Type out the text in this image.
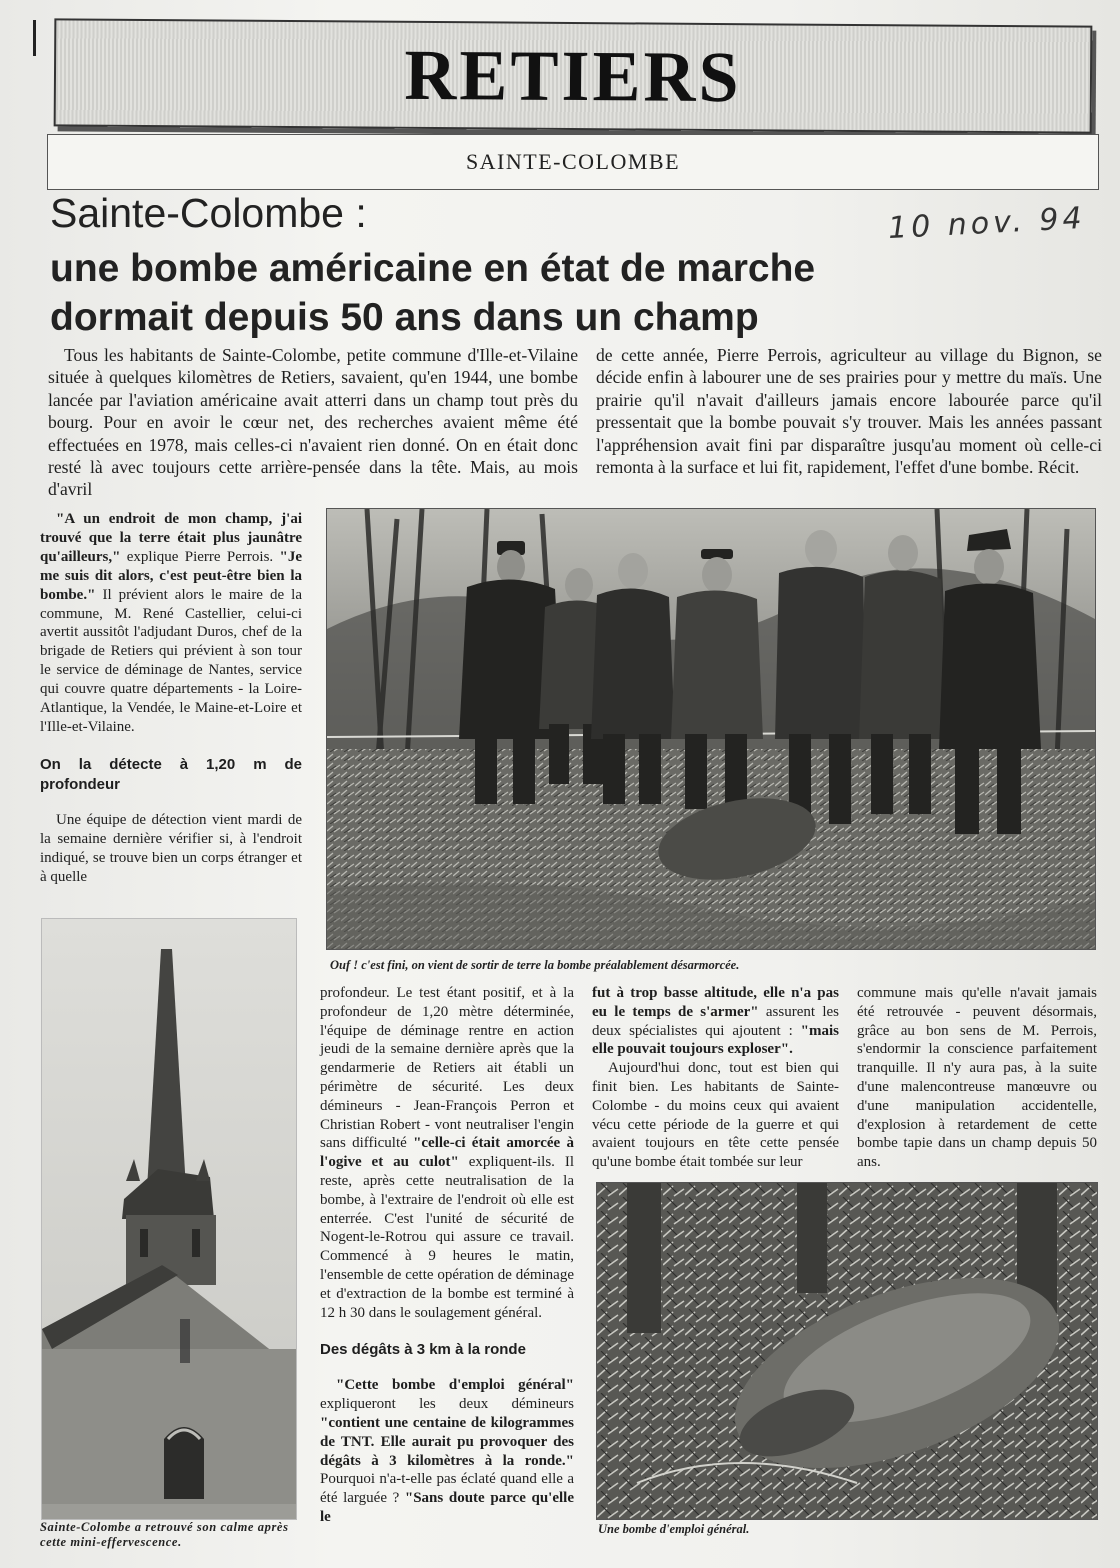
RETIERS
SAINTE-COLOMBE
10 nov. 94
Sainte-Colombe :
une bombe américaine en état de marche
dormait depuis 50 ans dans un champ

Tous les habitants de Sainte-Colombe, petite commune d'Ille-et-Vilaine située à quelques kilomètres de Retiers, savaient, qu'en 1944, une bombe lancée par l'aviation américaine avait atterri dans un champ tout près du bourg. Pour en avoir le cœur net, des recherches avaient même été effectuées en 1978, mais celles-ci n'avaient rien donné. On en était donc resté là avec toujours cette arrière-pensée dans la tête. Mais, au mois d'avril

de cette année, Pierre Perrois, agriculteur au village du Bignon, se décide enfin à labourer une de ses prairies pour y mettre du maïs. Une prairie qu'il n'avait d'ailleurs jamais encore labourée parce qu'il pressentait que la bombe pouvait s'y trouver. Mais les années passant l'appréhension avait fini par disparaître jusqu'au moment où celle-ci remonta à la surface et lui fit, rapidement, l'effet d'une bombe. Récit.

"A un endroit de mon champ, j'ai trouvé que la terre était plus jaunâtre qu'ailleurs," explique Pierre Perrois. "Je me suis dit alors, c'est peut-être bien la bombe." Il prévient alors le maire de la commune, M. René Castellier, celui-ci avertit aussitôt l'adjudant Duros, chef de la brigade de Retiers qui prévient à son tour le service de déminage de Nantes, service qui couvre quatre départements - la Loire-Atlantique, la Vendée, le Maine-et-Loire et l'Ille-et-Vilaine.

On la détecte à 1,20 m de profondeur

Une équipe de détection vient mardi de la semaine dernière vérifier si, à l'endroit indiqué, se trouve bien un corps étranger et à quelle

Ouf ! c'est fini, on vient de sortir de terre la bombe préalablement désarmorcée.
Sainte-Colombe a retrouvé son calme après cette mini-effervescence.

profondeur. Le test étant positif, et à la profondeur de 1,20 mètre déterminée, l'équipe de déminage rentre en action jeudi de la semaine dernière après que la gendarmerie de Retiers ait établi un périmètre de sécurité. Les deux démineurs - Jean-François Perron et Christian Robert - vont neutraliser l'engin sans difficulté "celle-ci était amorcée à l'ogive et au culot" expliquent-ils. Il reste, après cette neutralisation de la bombe, à l'extraire de l'endroit où elle est enterrée. C'est l'unité de sécurité de Nogent-le-Rotrou qui assure ce travail. Commencé à 9 heures le matin, l'ensemble de cette opération de déminage et d'extraction de la bombe est terminé à 12 h 30 dans le soulagement général.

Des dégâts à 3 km à la ronde

"Cette bombe d'emploi général" expliqueront les deux démineurs "contient une centaine de kilogrammes de TNT. Elle aurait pu provoquer des dégâts à 3 kilomètres à la ronde." Pourquoi n'a-t-elle pas éclaté quand elle a été larguée ? "Sans doute parce qu'elle le

fut à trop basse altitude, elle n'a pas eu le temps de s'armer" assurent les deux spécialistes qui ajoutent : "mais elle pouvait toujours exploser".

Aujourd'hui donc, tout est bien qui finit bien. Les habitants de Sainte-Colombe - du moins ceux qui avaient vécu cette période de la guerre et qui avaient toujours en tête cette pensée qu'une bombe était tombée sur leur

commune mais qu'elle n'avait jamais été retrouvée - peuvent désormais, grâce au bon sens de M. Perrois, s'endormir la conscience parfaitement tranquille. Il n'y aura pas, à la suite d'une malencontreuse manœuvre ou d'une manipulation accidentelle, d'explosion à retardement de cette bombe tapie dans un champ depuis 50 ans.

Une bombe d'emploi général.
